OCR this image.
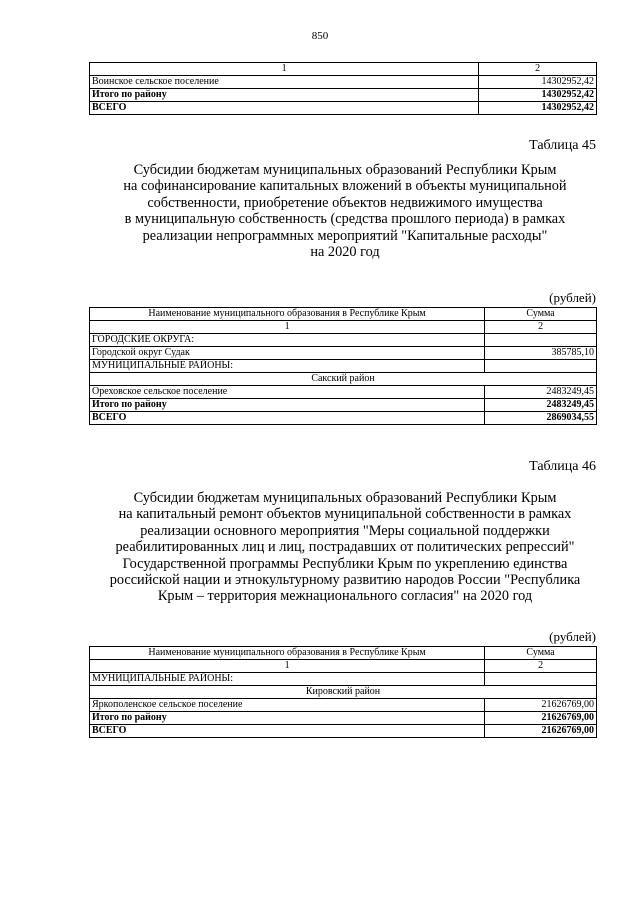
850
1	2
Воинское сельское поселение	14302952,42
Итого по району	14302952,42
ВСЕГО	14302952,42
Таблица 45
Субсидии бюджетам муниципальных образований Республики Крым
на софинансирование капитальных вложений в объекты муниципальной
собственности, приобретение объектов недвижимого имущества
в муниципальную собственность (средства прошлого периода) в рамках
реализации непрограммных мероприятий "Капитальные расходы"
на 2020 год
(рублей)
Наименование муниципального образования в Республике Крым	Сумма
1	2
ГОРОДСКИЕ ОКРУГА:	
Городской округ Судак	385785,10
МУНИЦИПАЛЬНЫЕ РАЙОНЫ:	
Сакский район	
Ореховское сельское поселение	2483249,45
Итого по району	2483249,45
ВСЕГО	2869034,55
Таблица 46
Субсидии бюджетам муниципальных образований Республики Крым
на капитальный ремонт объектов муниципальной собственности в рамках
реализации основного мероприятия "Меры социальной поддержки
реабилитированных лиц и лиц, пострадавших от политических репрессий"
Государственной программы Республики Крым по укреплению единства
российской нации и этнокультурному развитию народов России "Республика
Крым – территория межнационального согласия" на 2020 год
(рублей)
Наименование муниципального образования в Республике Крым	Сумма
1	2
МУНИЦИПАЛЬНЫЕ РАЙОНЫ:	
Кировский район	
Яркополенское сельское поселение	21626769,00
Итого по району	21626769,00
ВСЕГО	21626769,00
